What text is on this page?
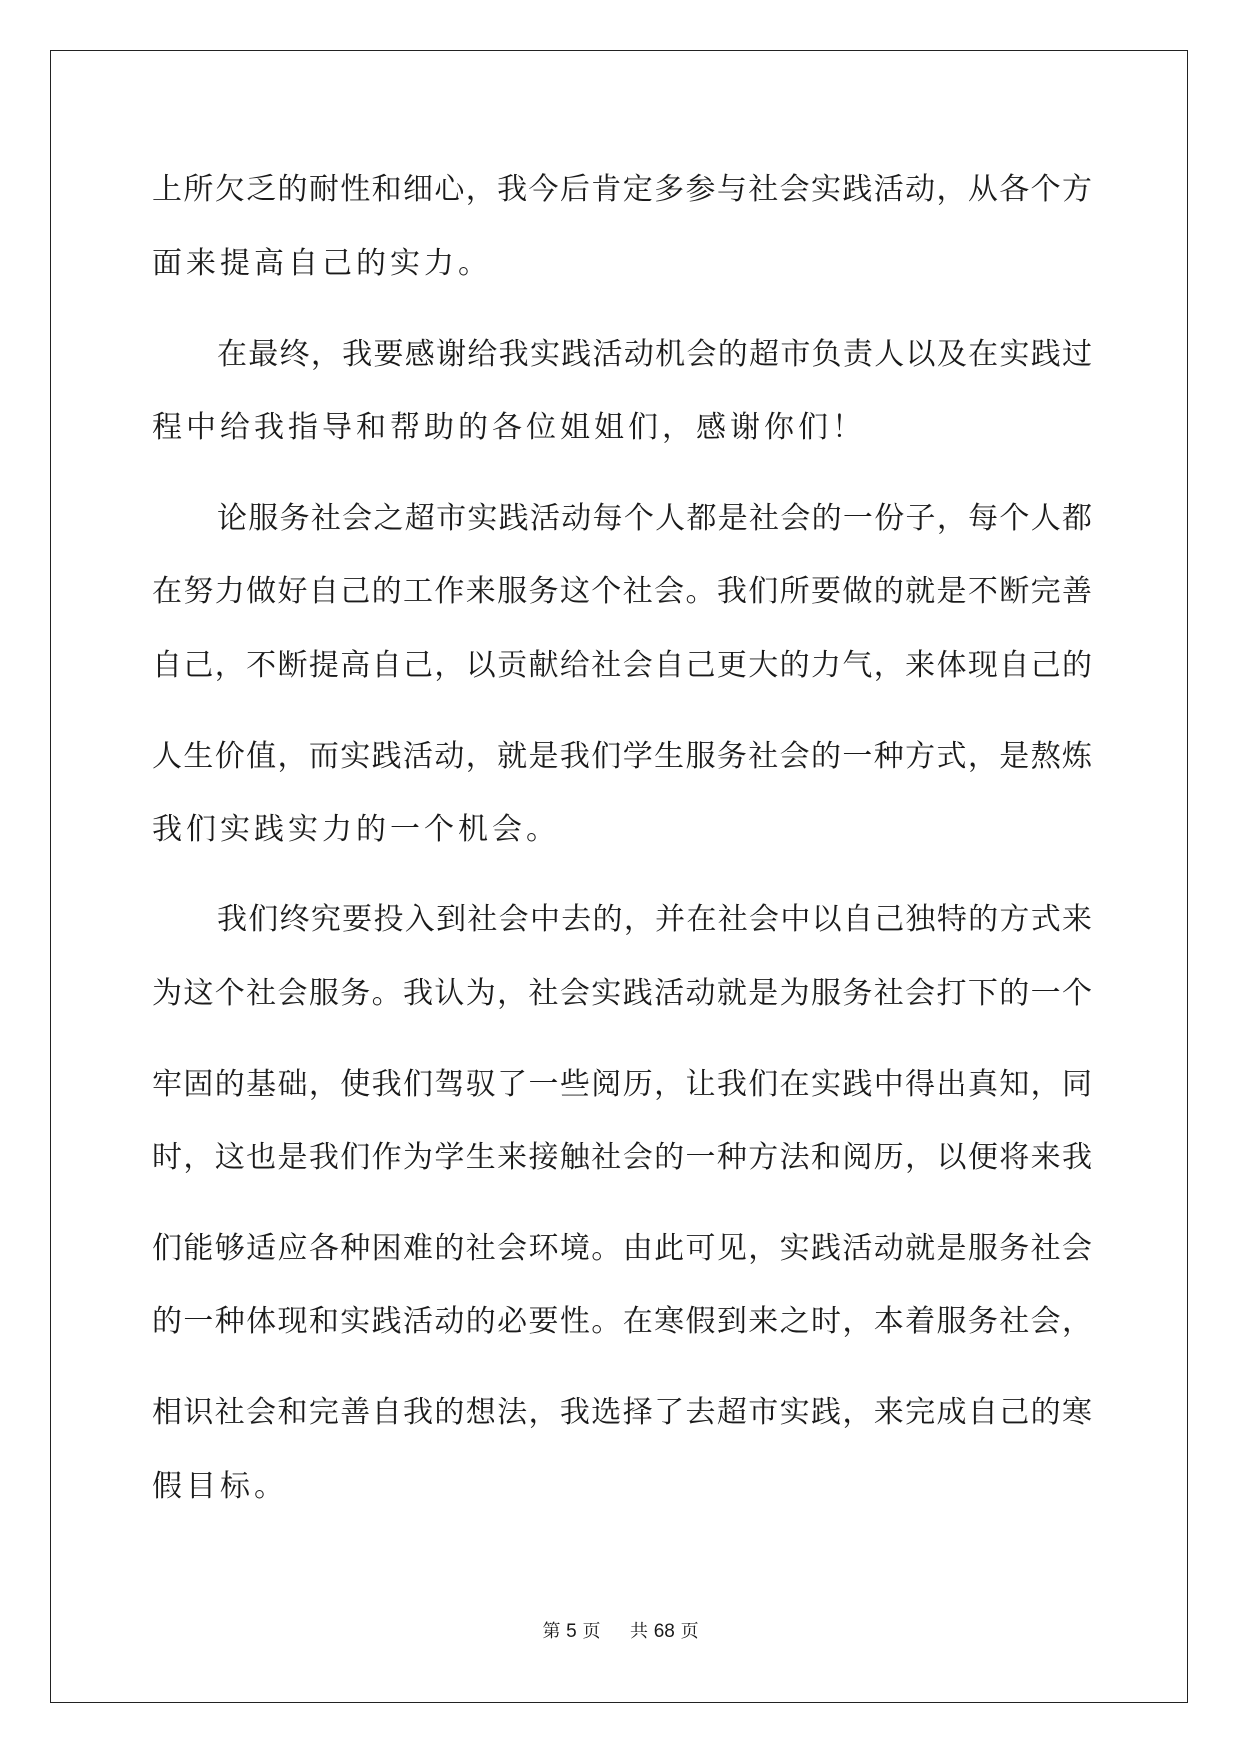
上所欠乏的耐性和细心，我今后肯定多参与社会实践活动，从各个方
面来提高自己的实力。
在最终，我要感谢给我实践活动机会的超市负责人以及在实践过
程中给我指导和帮助的各位姐姐们，感谢你们！
论服务社会之超市实践活动每个人都是社会的一份子，每个人都
在努力做好自己的工作来服务这个社会。我们所要做的就是不断完善
自己，不断提高自己，以贡献给社会自己更大的力气，来体现自己的
人生价值，而实践活动，就是我们学生服务社会的一种方式，是熬炼
我们实践实力的一个机会。
我们终究要投入到社会中去的，并在社会中以自己独特的方式来
为这个社会服务。我认为，社会实践活动就是为服务社会打下的一个
牢固的基础，使我们驾驭了一些阅历，让我们在实践中得出真知，同
时，这也是我们作为学生来接触社会的一种方法和阅历，以便将来我
们能够适应各种困难的社会环境。由此可见，实践活动就是服务社会
的一种体现和实践活动的必要性。在寒假到来之时，本着服务社会，
相识社会和完善自我的想法，我选择了去超市实践，来完成自己的寒
假目标。
第 5 页 共 68 页
